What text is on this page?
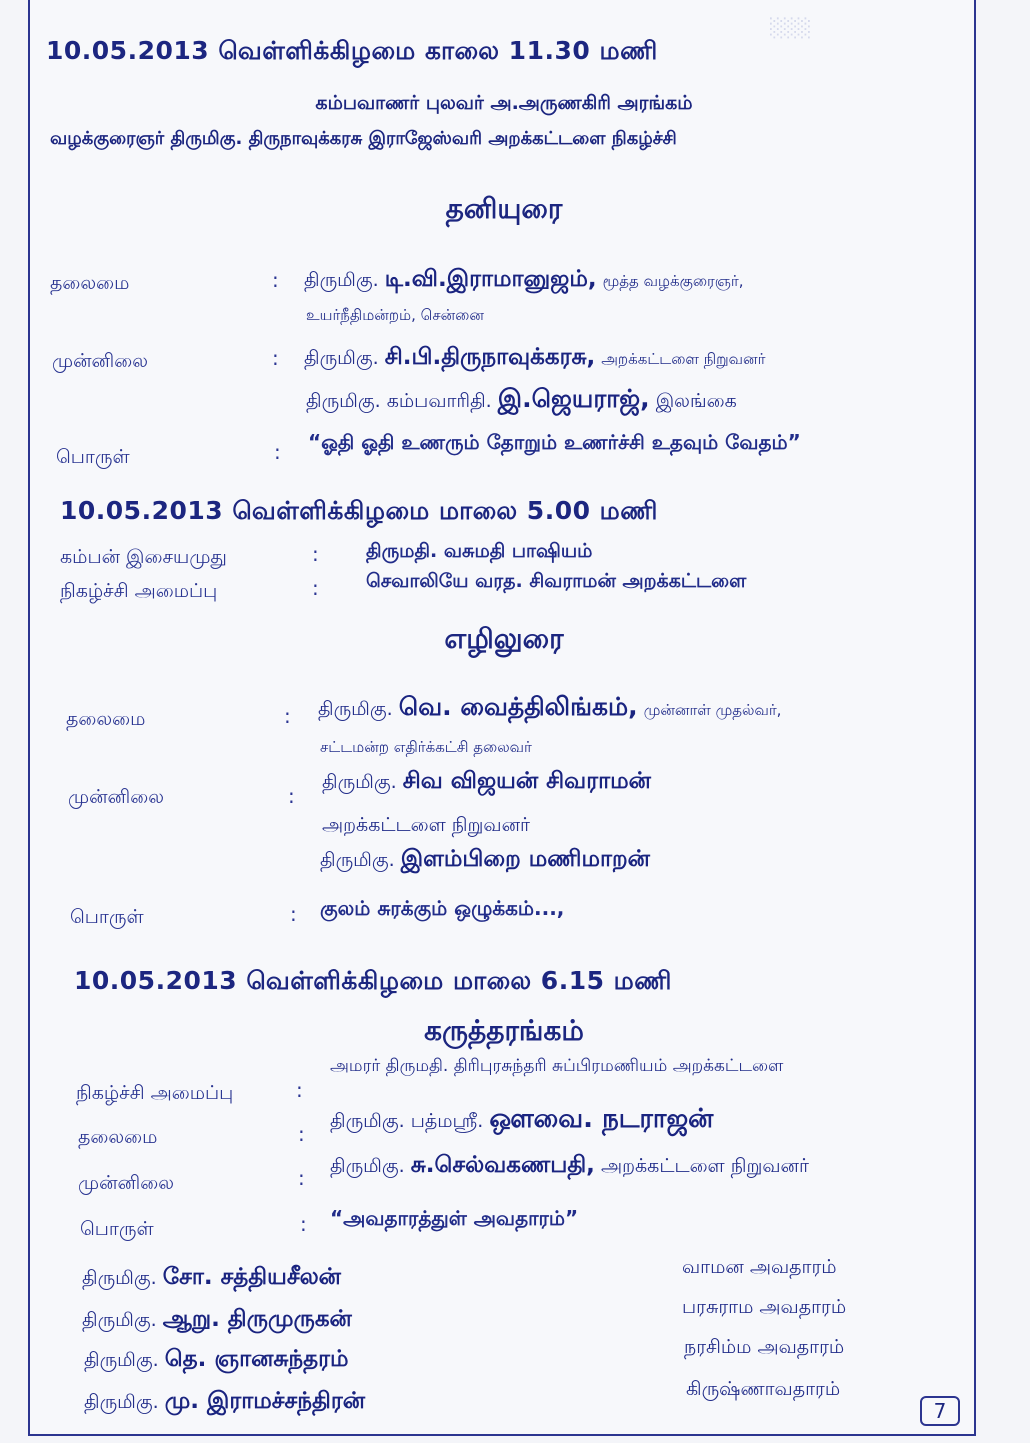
░░░
10.05.2013 வெள்ளிக்கிழமை காலை 11.30 மணி
கம்பவாணர் புலவர் அ.அருணகிரி அரங்கம்
வழக்குரைஞர் திருமிகு. திருநாவுக்கரசு இராஜேஸ்வரி அறக்கட்டளை நிகழ்ச்சி
தனியுரை
தலைமை	: திருமிகு. டி.வி.இராமானுஜம், மூத்த வழக்குரைஞர்,
உயர்நீதிமன்றம், சென்னை
முன்னிலை	: திருமிகு. சி.பி.திருநாவுக்கரசு, அறக்கட்டளை நிறுவனர்
திருமிகு. கம்பவாரிதி. இ.ஜெயராஜ், இலங்கை
பொருள்	: “ஓதி ஓதி உணரும் தோறும் உணர்ச்சி உதவும் வேதம்”
10.05.2013 வெள்ளிக்கிழமை மாலை 5.00 மணி
கம்பன் இசையமுது	: திருமதி. வசுமதி பாஷியம்
நிகழ்ச்சி அமைப்பு	: செவாலியே வரத. சிவராமன் அறக்கட்டளை
எழிலுரை
தலைமை	: திருமிகு. வெ. வைத்திலிங்கம், முன்னாள் முதல்வர்,
சட்டமன்ற எதிர்க்கட்சி தலைவர்
முன்னிலை	:
திருமிகு. சிவ விஜயன் சிவராமன்
அறக்கட்டளை நிறுவனர்
திருமிகு. இளம்பிறை மணிமாறன்
பொருள்	: குலம் சுரக்கும் ஒழுக்கம்...,
10.05.2013 வெள்ளிக்கிழமை மாலை 6.15 மணி
கருத்தரங்கம்
நிகழ்ச்சி அமைப்பு	:
அமரர் திருமதி. திரிபுரசுந்தரி சுப்பிரமணியம் அறக்கட்டளை
தலைமை	:
திருமிகு. பத்மஸ்ரீ. ஔவை. நடராஜன்
முன்னிலை	: திருமிகு. சு.செல்வகணபதி, அறக்கட்டளை நிறுவனர்
பொருள்	: “அவதாரத்துள் அவதாரம்”
திருமிகு. சோ. சத்தியசீலன்	வாமன அவதாரம்
திருமிகு. ஆறு. திருமுருகன்	பரசுராம அவதாரம்
திருமிகு. தெ. ஞானசுந்தரம்	நரசிம்ம அவதாரம்
திருமிகு. மு. இராமச்சந்திரன்	கிருஷ்ணாவதாரம்
7
